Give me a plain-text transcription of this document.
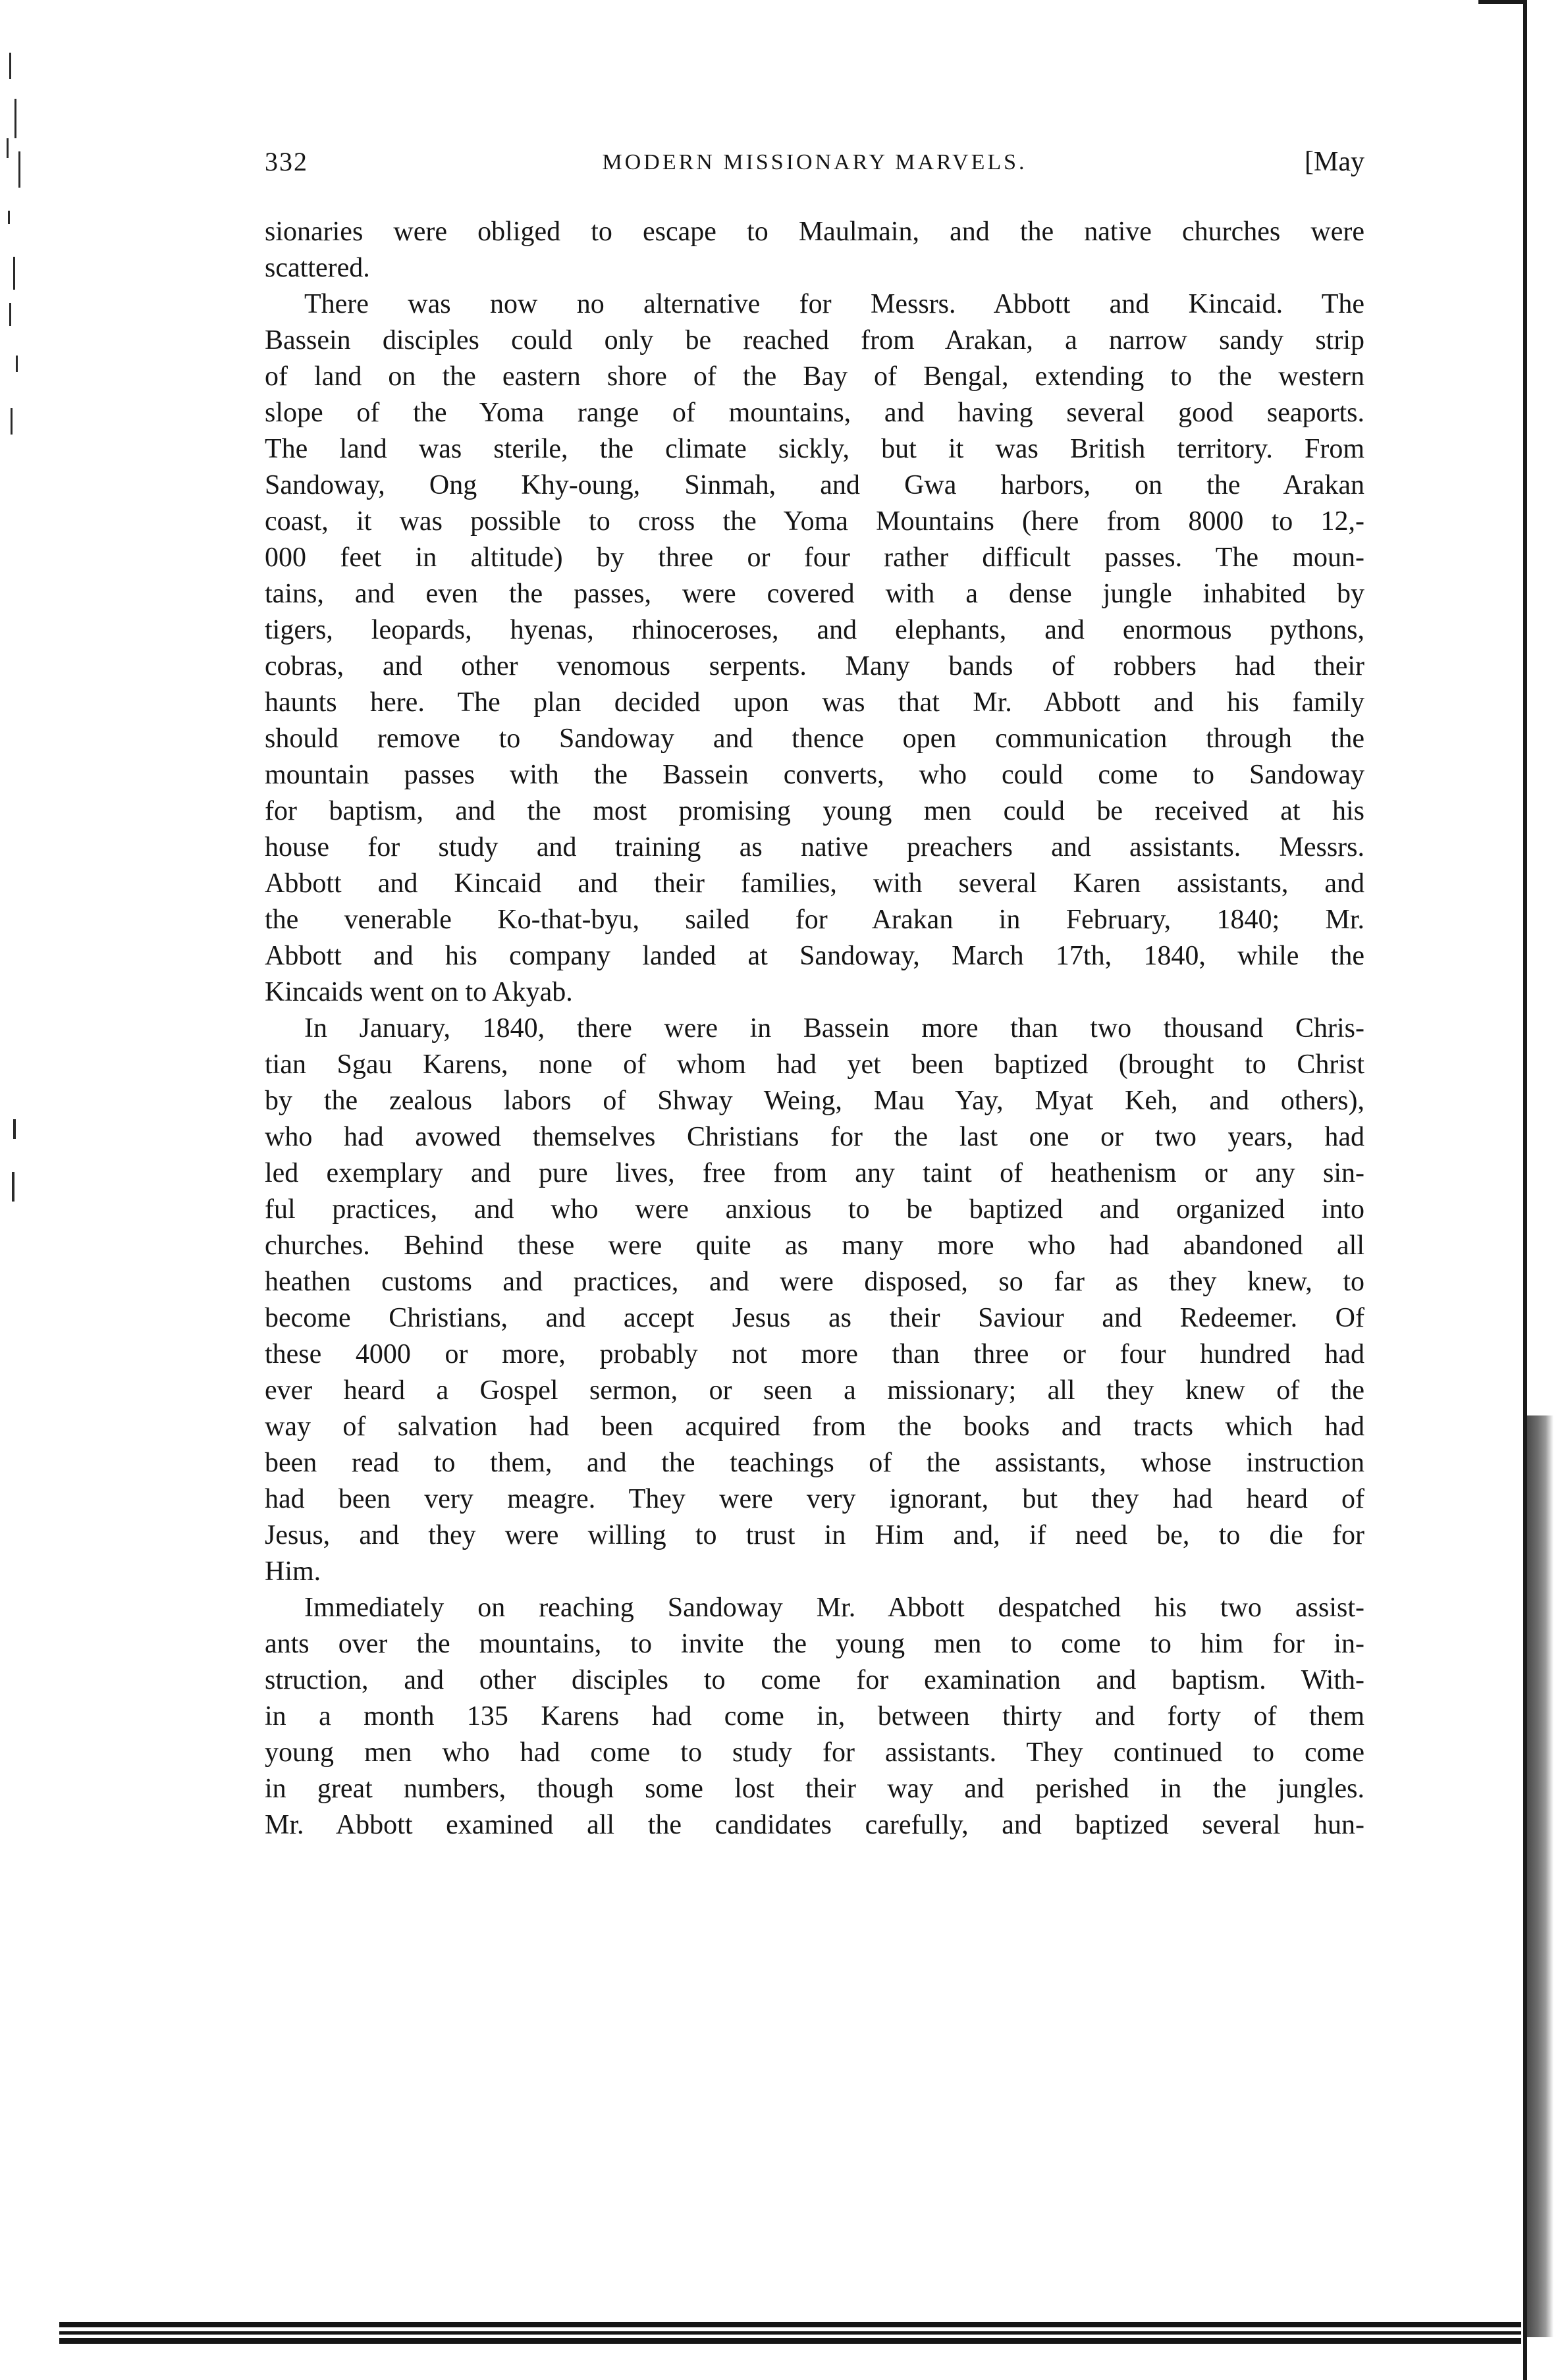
332	MODERN MISSIONARY MARVELS.	[May

sionaries were obliged to escape to Maulmain, and the native churches were
scattered.

There was now no alternative for Messrs. Abbott and Kincaid. The
Bassein disciples could only be reached from Arakan, a narrow sandy strip
of land on the eastern shore of the Bay of Bengal, extending to the western
slope of the Yoma range of mountains, and having several good seaports.
The land was sterile, the climate sickly, but it was British territory. From
Sandoway, Ong Khy-oung, Sinmah, and Gwa harbors, on the Arakan
coast, it was possible to cross the Yoma Mountains (here from 8000 to 12,-
000 feet in altitude) by three or four rather difficult passes. The moun-
tains, and even the passes, were covered with a dense jungle inhabited by
tigers, leopards, hyenas, rhinoceroses, and elephants, and enormous pythons,
cobras, and other venomous serpents. Many bands of robbers had their
haunts here. The plan decided upon was that Mr. Abbott and his family
should remove to Sandoway and thence open communication through the
mountain passes with the Bassein converts, who could come to Sandoway
for baptism, and the most promising young men could be received at his
house for study and training as native preachers and assistants. Messrs.
Abbott and Kincaid and their families, with several Karen assistants, and
the venerable Ko-that-byu, sailed for Arakan in February, 1840; Mr.
Abbott and his company landed at Sandoway, March 17th, 1840, while the
Kincaids went on to Akyab.

In January, 1840, there were in Bassein more than two thousand Chris-
tian Sgau Karens, none of whom had yet been baptized (brought to Christ
by the zealous labors of Shway Weing, Mau Yay, Myat Keh, and others),
who had avowed themselves Christians for the last one or two years, had
led exemplary and pure lives, free from any taint of heathenism or any sin-
ful practices, and who were anxious to be baptized and organized into
churches. Behind these were quite as many more who had abandoned all
heathen customs and practices, and were disposed, so far as they knew, to
become Christians, and accept Jesus as their Saviour and Redeemer. Of
these 4000 or more, probably not more than three or four hundred had
ever heard a Gospel sermon, or seen a missionary; all they knew of the
way of salvation had been acquired from the books and tracts which had
been read to them, and the teachings of the assistants, whose instruction
had been very meagre. They were very ignorant, but they had heard of
Jesus, and they were willing to trust in Him and, if need be, to die for
Him.

Immediately on reaching Sandoway Mr. Abbott despatched his two assist-
ants over the mountains, to invite the young men to come to him for in-
struction, and other disciples to come for examination and baptism. With-
in a month 135 Karens had come in, between thirty and forty of them
young men who had come to study for assistants. They continued to come
in great numbers, though some lost their way and perished in the jungles.
Mr. Abbott examined all the candidates carefully, and baptized several hun-
